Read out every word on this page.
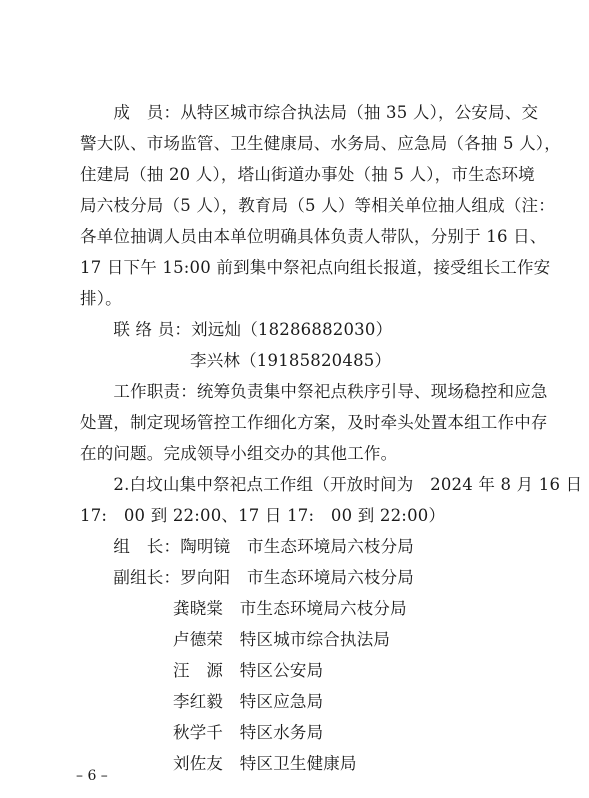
　　成　员：从特区城市综合执法局（抽 35 人），公安局、交
警大队、市场监管、卫生健康局、水务局、应急局（各抽 5 人），
住建局（抽 20 人），塔山街道办事处（抽 5 人），市生态环境
局六枝分局（5 人），教育局（5 人）等相关单位抽人组成（注：
各单位抽调人员由本单位明确具体负责人带队，分别于 16 日、
17 日下午 15:00 前到集中祭祀点向组长报道，接受组长工作安
排）。
　　联 络 员：刘远灿（18286882030）
李兴林（19185820485）
　　工作职责：统筹负责集中祭祀点秩序引导、现场稳控和应急
处置，制定现场管控工作细化方案，及时牵头处置本组工作中存
在的问题。完成领导小组交办的其他工作。
　　2.白坟山集中祭祀点工作组（开放时间为　2024 年 8 月 16 日
17:　00 到 22:00、17 日 17:　00 到 22:00）
　　组　长：陶明镜　市生态环境局六枝分局
　　副组长：罗向阳　市生态环境局六枝分局
龚晓棠　市生态环境局六枝分局
卢德荣　特区城市综合执法局
汪　源　特区公安局
李红毅　特区应急局
秋学千　特区水务局
刘佐友　特区卫生健康局
– 6 –
